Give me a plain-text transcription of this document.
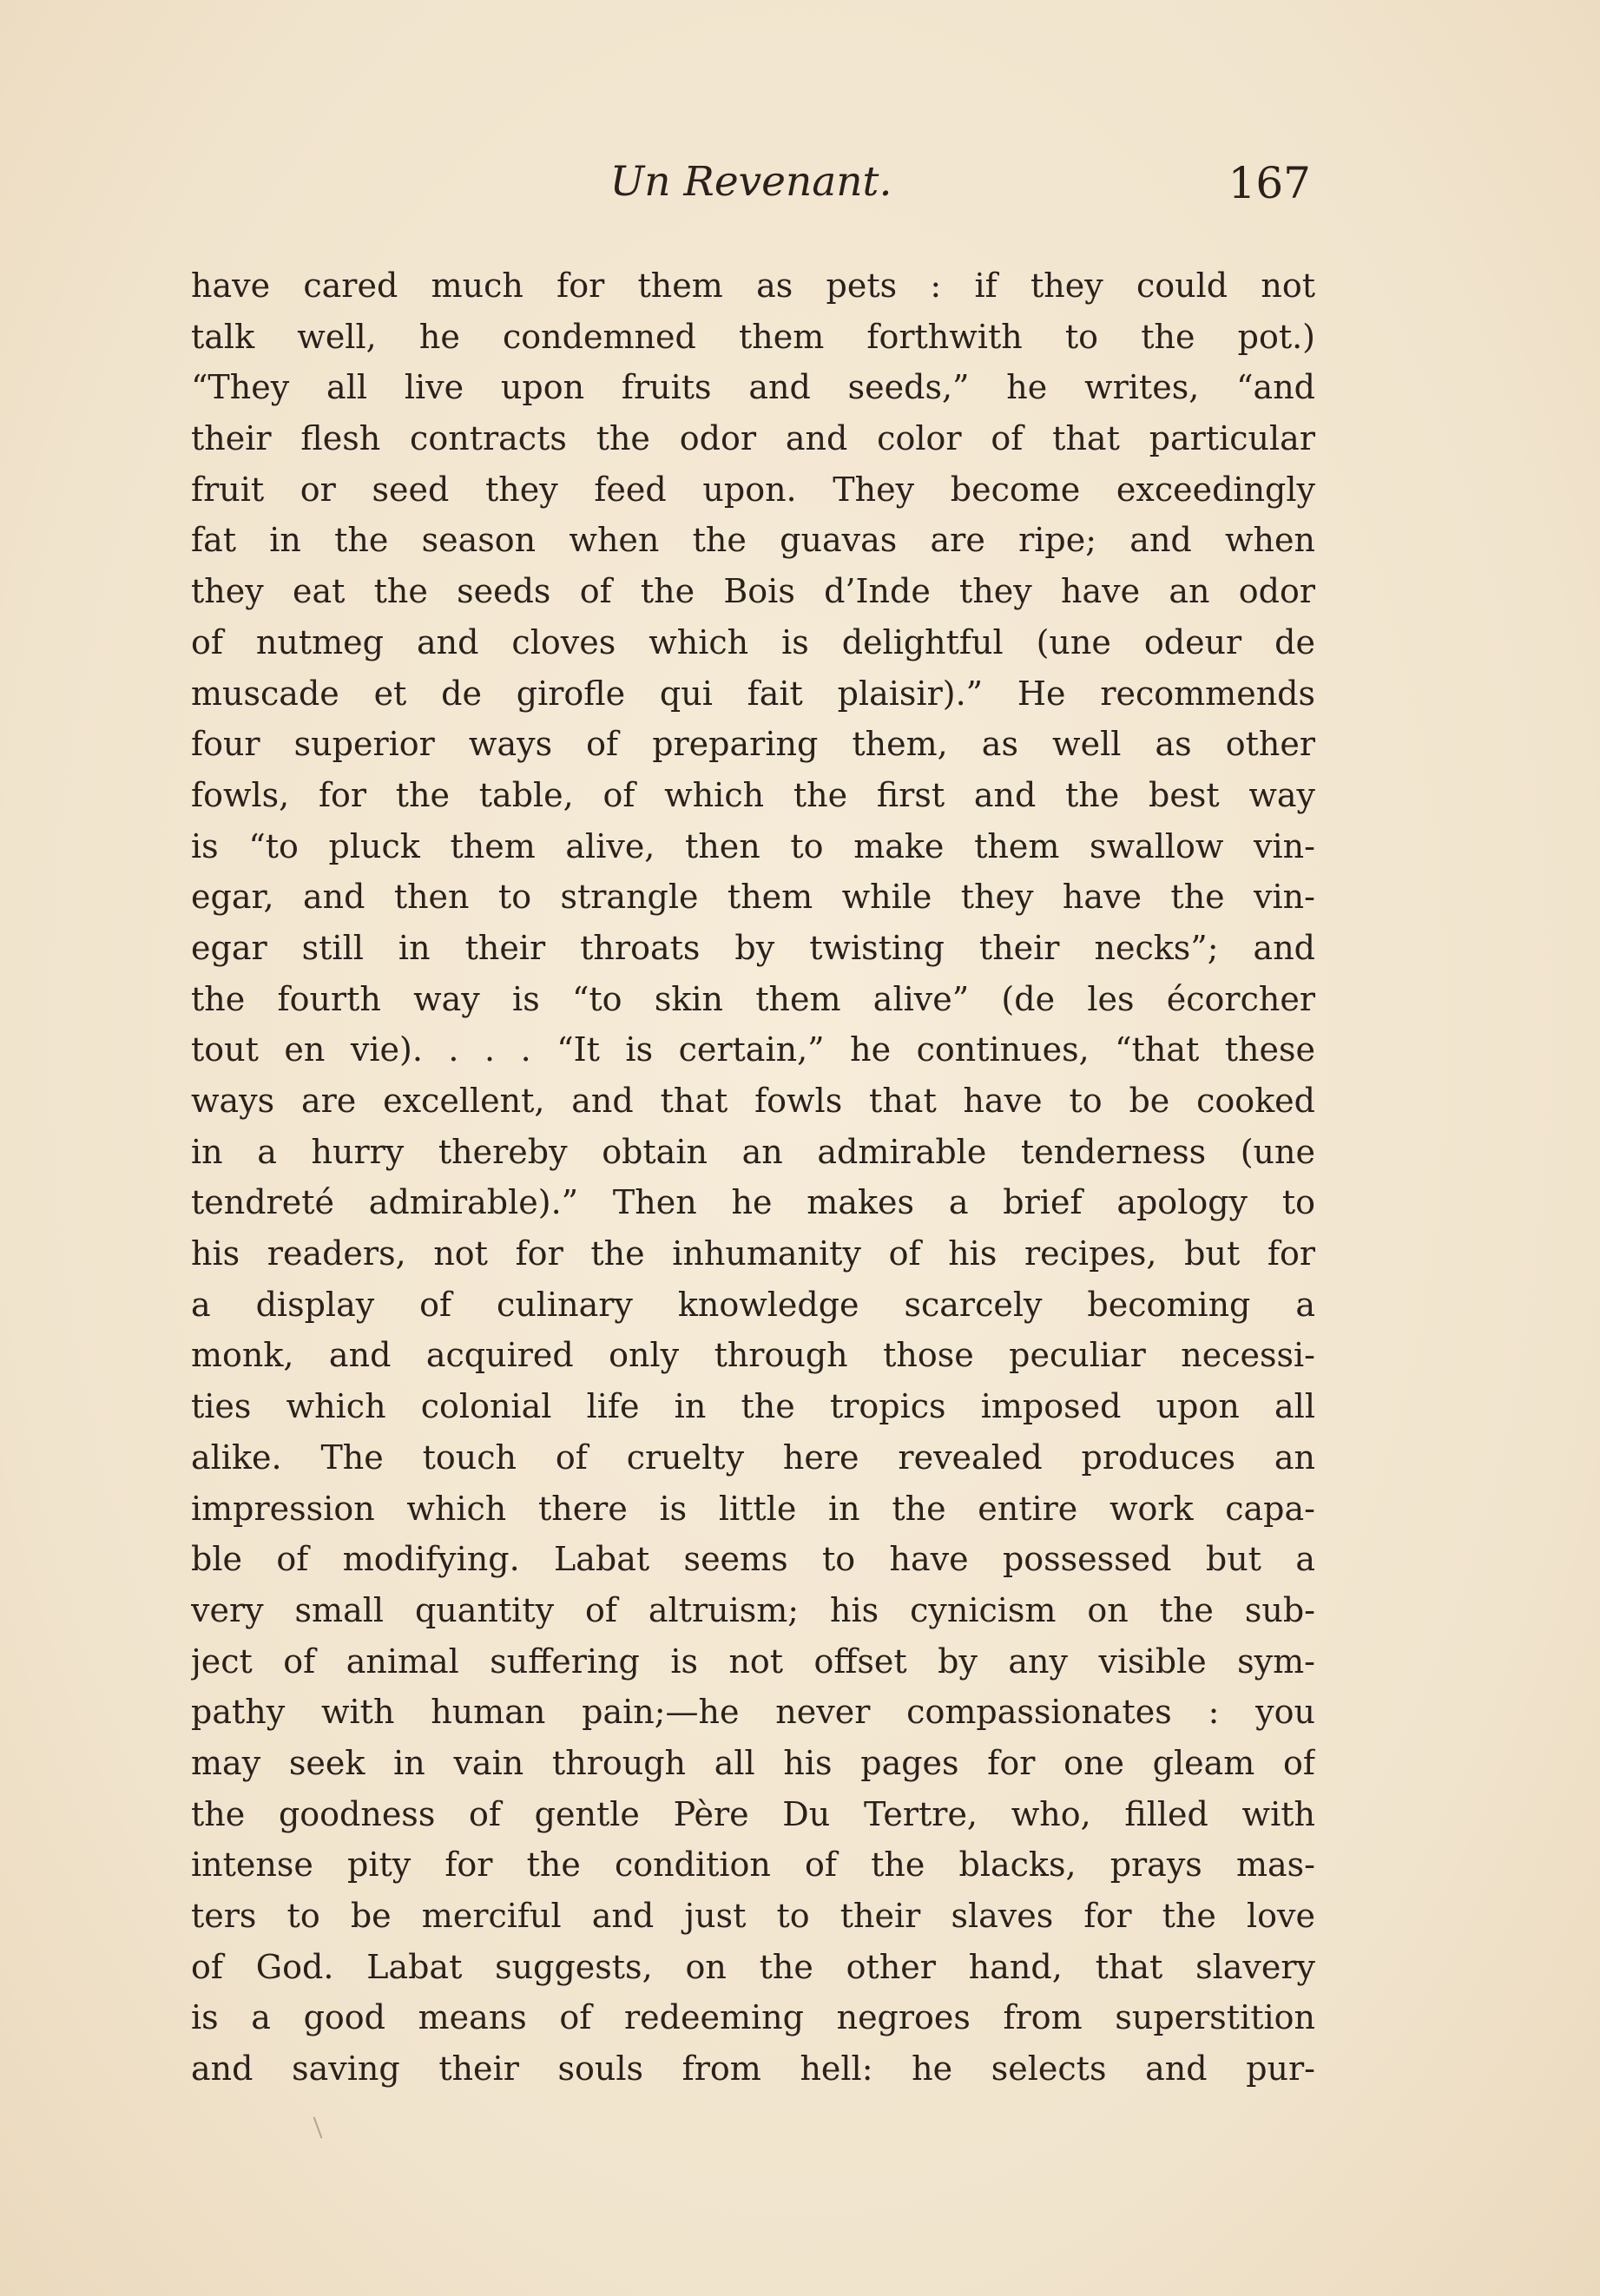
Un Revenant.	167
have cared much for them as pets : if they could not
talk well, he condemned them forthwith to the pot.)
“They all live upon fruits and seeds,” he writes, “and
their flesh contracts the odor and color of that particular
fruit or seed they feed upon. They become exceedingly
fat in the season when the guavas are ripe; and when
they eat the seeds of the Bois d’Inde they have an odor
of nutmeg and cloves which is delightful (une odeur de
muscade et de girofle qui fait plaisir).” He recommends
four superior ways of preparing them, as well as other
fowls, for the table, of which the first and the best way
is “to pluck them alive, then to make them swallow vin-
egar, and then to strangle them while they have the vin-
egar still in their throats by twisting their necks”; and
the fourth way is “to skin them alive” (de les écorcher
tout en vie). . . . “It is certain,” he continues, “that these
ways are excellent, and that fowls that have to be cooked
in a hurry thereby obtain an admirable tenderness (une
tendreté admirable).” Then he makes a brief apology to
his readers, not for the inhumanity of his recipes, but for
a display of culinary knowledge scarcely becoming a
monk, and acquired only through those peculiar necessi-
ties which colonial life in the tropics imposed upon all
alike. The touch of cruelty here revealed produces an
impression which there is little in the entire work capa-
ble of modifying. Labat seems to have possessed but a
very small quantity of altruism; his cynicism on the sub-
ject of animal suffering is not offset by any visible sym-
pathy with human pain;—he never compassionates : you
may seek in vain through all his pages for one gleam of
the goodness of gentle Père Du Tertre, who, filled with
intense pity for the condition of the blacks, prays mas-
ters to be merciful and just to their slaves for the love
of God. Labat suggests, on the other hand, that slavery
is a good means of redeeming negroes from superstition
and saving their souls from hell: he selects and pur-
